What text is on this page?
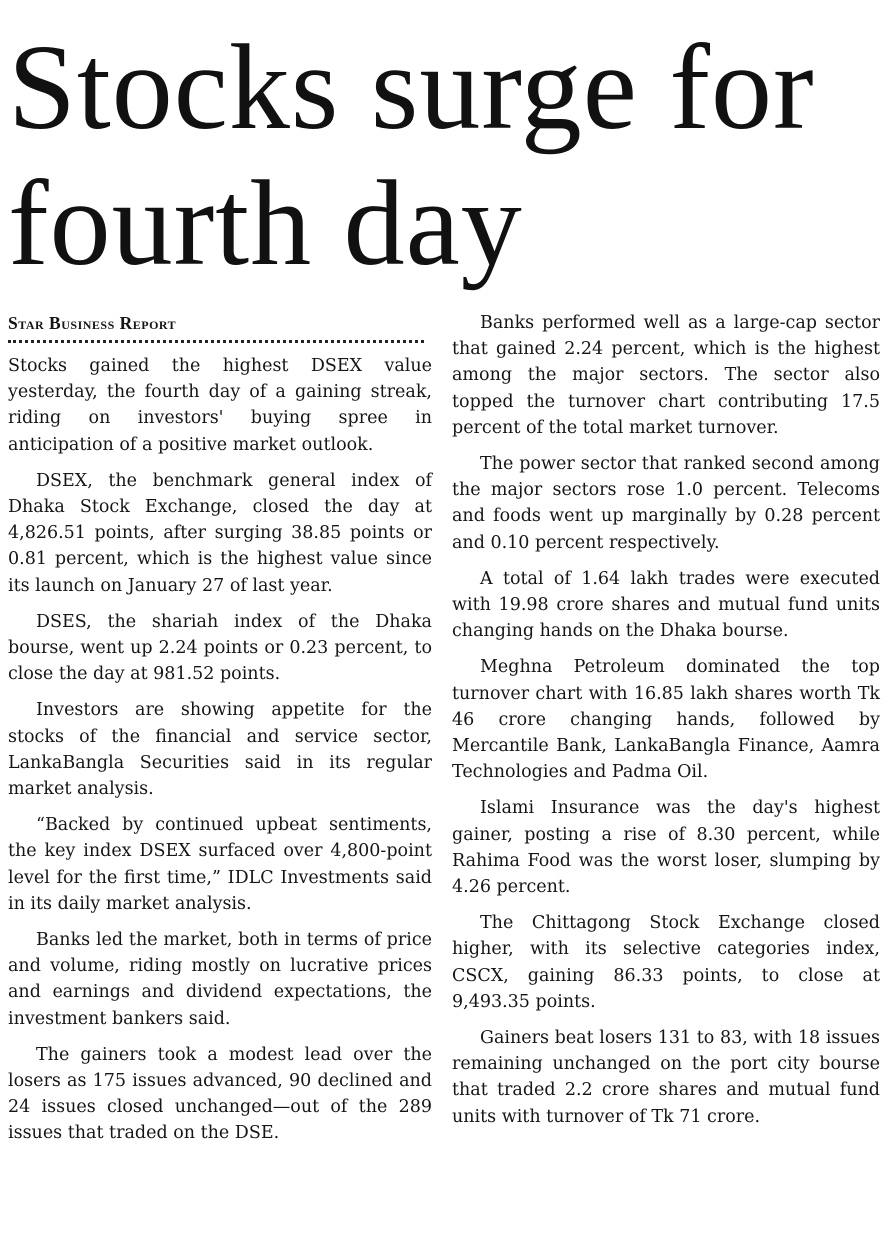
Stocks surge for
fourth day
Star Business Report

Stocks gained the highest DSEX value yesterday, the fourth day of a gaining streak, riding on investors' buying spree in anticipation of a positive market outlook.

DSEX, the benchmark general index of Dhaka Stock Exchange, closed the day at 4,826.51 points, after surging 38.85 points or 0.81 percent, which is the highest value since its launch on January 27 of last year.

DSES, the shariah index of the Dhaka bourse, went up 2.24 points or 0.23 percent, to close the day at 981.52 points.

Investors are showing appetite for the stocks of the financial and service sector, LankaBangla Securities said in its regular market analysis.

“Backed by continued upbeat sentiments, the key index DSEX surfaced over 4,800-point level for the first time,” IDLC Investments said in its daily market analysis.

Banks led the market, both in terms of price and volume, riding mostly on lucrative prices and earnings and dividend expectations, the investment bankers said.

The gainers took a modest lead over the losers as 175 issues advanced, 90 declined and 24 issues closed unchanged—out of the 289 issues that traded on the DSE.

Banks performed well as a large-cap sector that gained 2.24 percent, which is the highest among the major sectors. The sector also topped the turnover chart contributing 17.5 percent of the total market turnover.

The power sector that ranked second among the major sectors rose 1.0 percent. Telecoms and foods went up marginally by 0.28 percent and 0.10 percent respectively.

A total of 1.64 lakh trades were executed with 19.98 crore shares and mutual fund units changing hands on the Dhaka bourse.

Meghna Petroleum dominated the top turnover chart with 16.85 lakh shares worth Tk 46 crore changing hands, followed by Mercantile Bank, LankaBangla Finance, Aamra Technologies and Padma Oil.

Islami Insurance was the day's highest gainer, posting a rise of 8.30 percent, while Rahima Food was the worst loser, slumping by 4.26 percent.

The Chittagong Stock Exchange closed higher, with its selective categories index, CSCX, gaining 86.33 points, to close at 9,493.35 points.

Gainers beat losers 131 to 83, with 18 issues remaining unchanged on the port city bourse that traded 2.2 crore shares and mutual fund units with turnover of Tk 71 crore.
